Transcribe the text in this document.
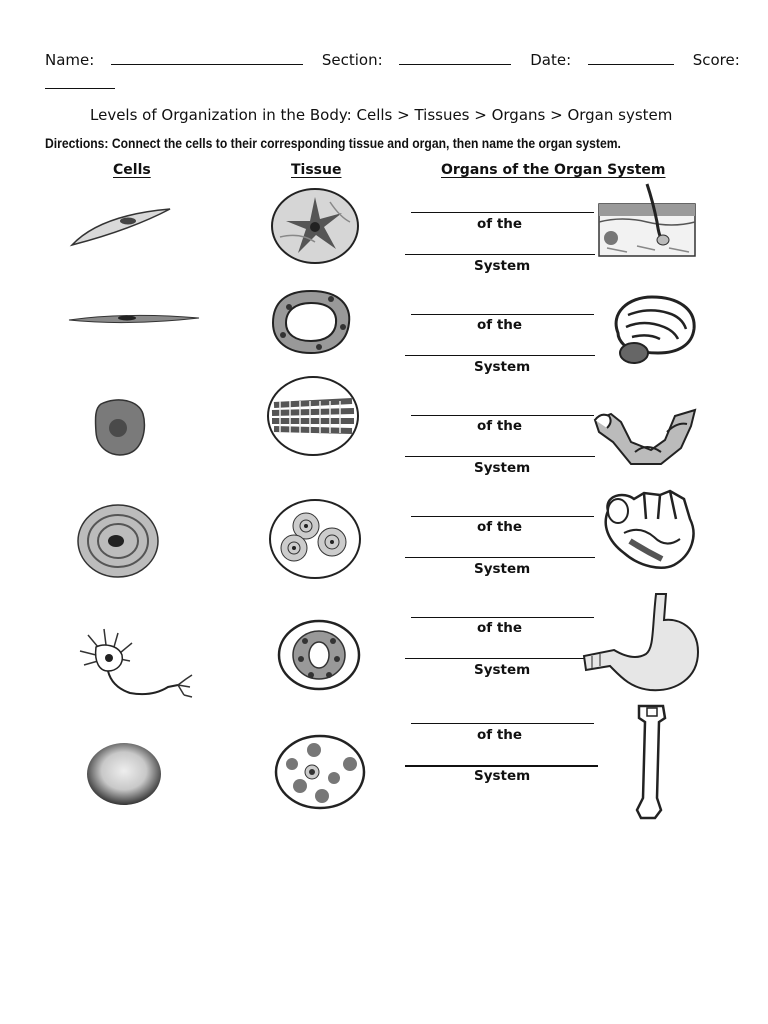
Name:	Section:	Date:	Score:
Levels of Organization in the Body: Cells > Tissues > Organs > Organ system
Directions: Connect the cells to their corresponding tissue and organ, then name the organ system.
Cells	Tissue	Organs of the Organ System
of the
System
of the
System
of the
System
of the
System
of the
System
of the
System
